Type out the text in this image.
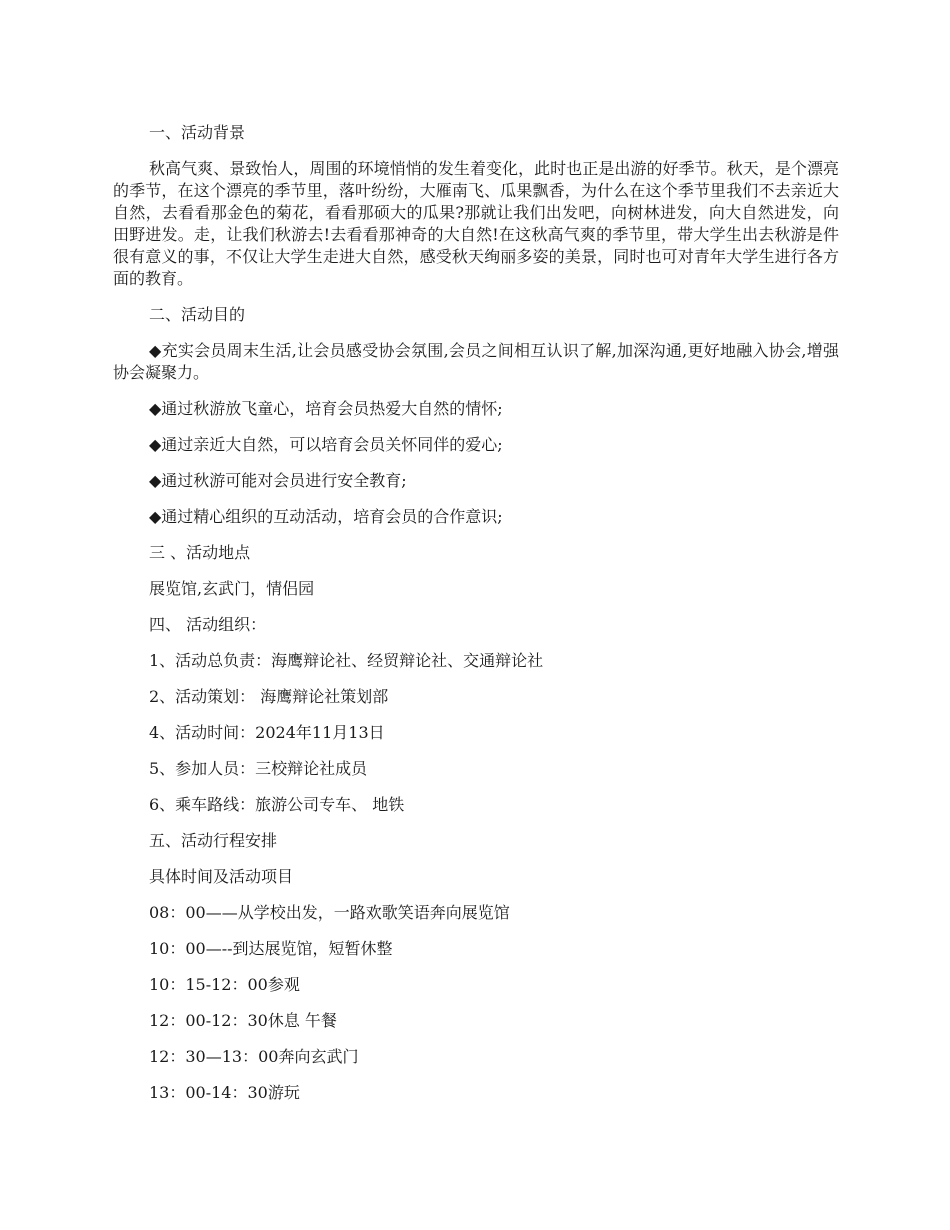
一、活动背景

秋高气爽、景致怡人，周围的环境悄悄的发生着变化，此时也正是出游的好季节。秋天，是个漂亮的季节，在这个漂亮的季节里，落叶纷纷，大雁南飞、瓜果飘香，为什么在这个季节里我们不去亲近大自然，去看看那金色的菊花，看看那硕大的瓜果?那就让我们出发吧，向树林进发，向大自然进发，向田野进发。走，让我们秋游去!去看看那神奇的大自然!在这秋高气爽的季节里，带大学生出去秋游是件很有意义的事，不仅让大学生走进大自然，感受秋天绚丽多姿的美景，同时也可对青年大学生进行各方面的教育。

二、活动目的

◆充实会员周末生活,让会员感受协会氛围,会员之间相互认识了解,加深沟通,更好地融入协会,增强协会凝聚力。

◆通过秋游放飞童心，培育会员热爱大自然的情怀;

◆通过亲近大自然，可以培育会员关怀同伴的爱心;

◆通过秋游可能对会员进行安全教育;

◆通过精心组织的互动活动，培育会员的合作意识;

三 、活动地点

展览馆,玄武门，情侣园

四、 活动组织：

1、活动总负责：海鹰辩论社、经贸辩论社、交通辩论社

2、活动策划： 海鹰辩论社策划部

4、活动时间：2024年11月13日

5、参加人员：三校辩论社成员

6、乘车路线：旅游公司专车、 地铁

五、活动行程安排

具体时间及活动项目

08：00——从学校出发，一路欢歌笑语奔向展览馆

10：00—--到达展览馆，短暂休整

10：15-12：00参观

12：00-12：30休息 午餐

12：30—13：00奔向玄武门

13：00-14：30游玩
